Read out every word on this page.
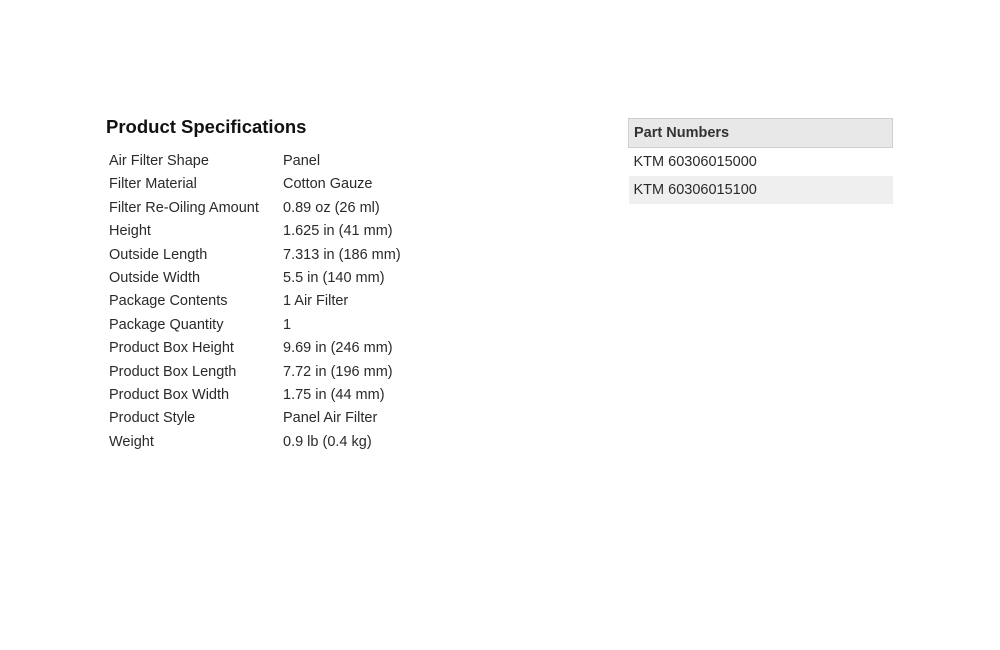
Product Specifications
Air Filter Shape	Panel
Filter Material	Cotton Gauze
Filter Re-Oiling Amount	0.89 oz (26 ml)
Height	1.625 in (41 mm)
Outside Length	7.313 in (186 mm)
Outside Width	5.5 in (140 mm)
Package Contents	1 Air Filter
Package Quantity	1
Product Box Height	9.69 in (246 mm)
Product Box Length	7.72 in (196 mm)
Product Box Width	1.75 in (44 mm)
Product Style	Panel Air Filter
Weight	0.9 lb (0.4 kg)
Part Numbers
KTM 60306015000
KTM 60306015100
